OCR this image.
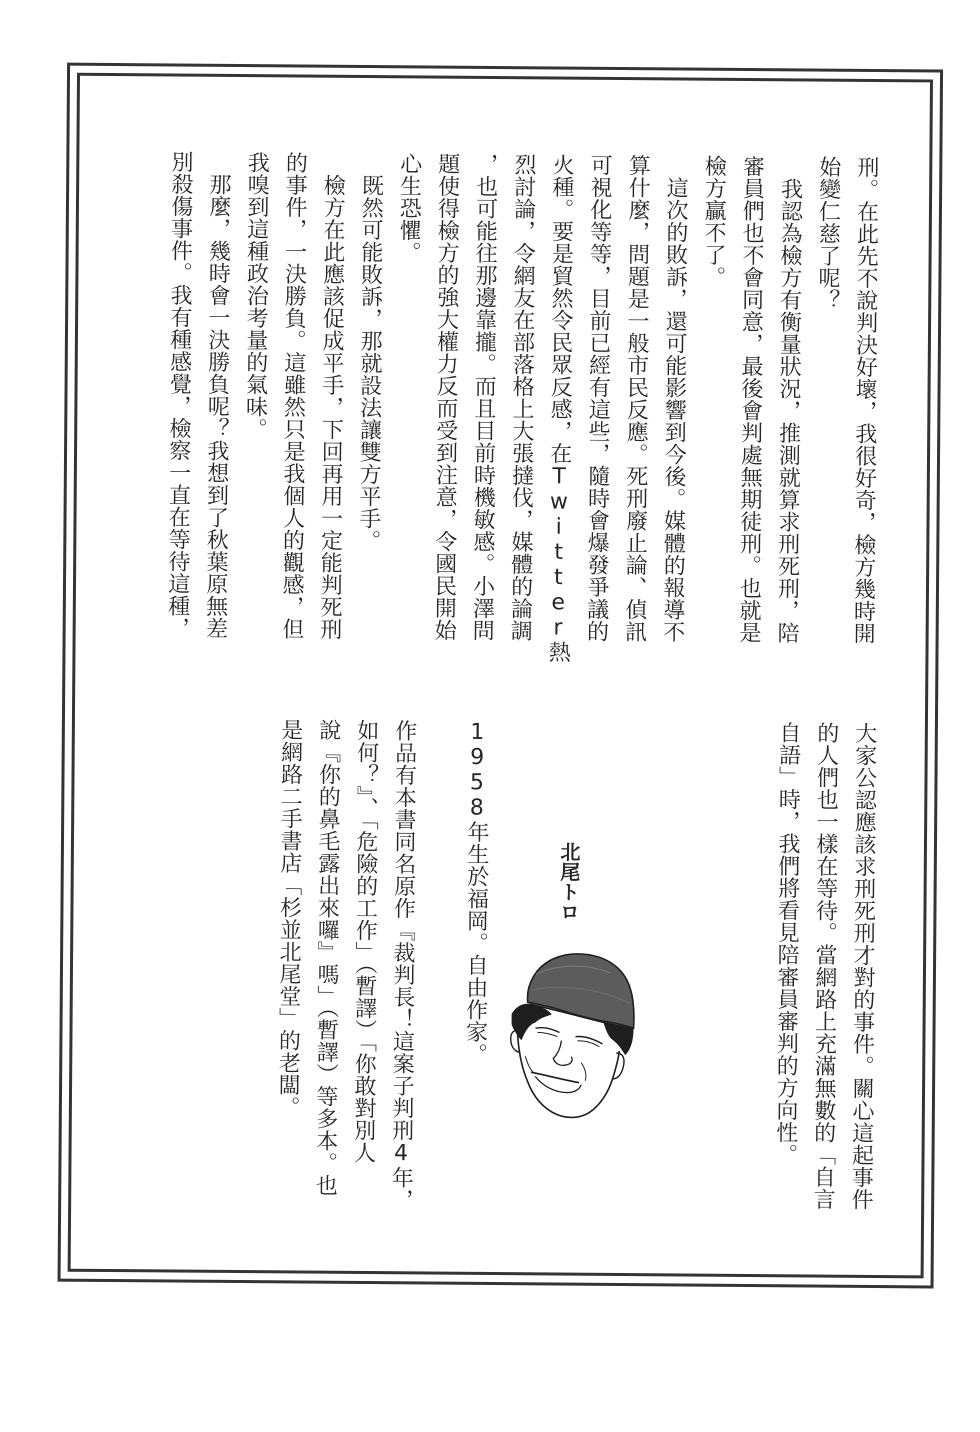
刑。在此先不說判決好壞，我很好奇，檢方幾時開
始變仁慈了呢？
　我認為檢方有衡量狀況，推測就算求刑死刑，陪
審員們也不會同意，最後會判處無期徒刑。也就是
檢方贏不了。
　這次的敗訴，還可能影響到今後。媒體的報導不
算什麼，問題是一般市民反應。死刑廢止論、偵訊
可視化等等，目前已經有這些，隨時會爆發爭議的
火種。要是貿然令民眾反感，在Twitter熱
烈討論，令網友在部落格上大張撻伐，媒體的論調
，也可能往那邊靠攏。而且目前時機敏感。小澤問
題使得檢方的強大權力反而受到注意，令國民開始
心生恐懼。
　既然可能敗訴，那就設法讓雙方平手。
　檢方在此應該促成平手，下回再用一定能判死刑
的事件，一決勝負。這雖然只是我個人的觀感，但
我嗅到這種政治考量的氣味。
　那麼，幾時會一決勝負呢？我想到了秋葉原無差
別殺傷事件。我有種感覺，檢察一直在等待這種，
大家公認應該求刑死刑才對的事件。關心這起事件
的人們也一樣在等待。當網路上充滿無數的「自言
自語」時，我們將看見陪審員審判的方向性。
北尾トロ
1958年生於福岡。自由作家。
作品有本書同名原作『裁判長！這案子判刑4年，
如何？』、「危險的工作」（暫譯）「你敢對別人
說『你的鼻毛露出來囉』嗎」（暫譯）等多本。也
是網路二手書店「杉並北尾堂」的老闆。
